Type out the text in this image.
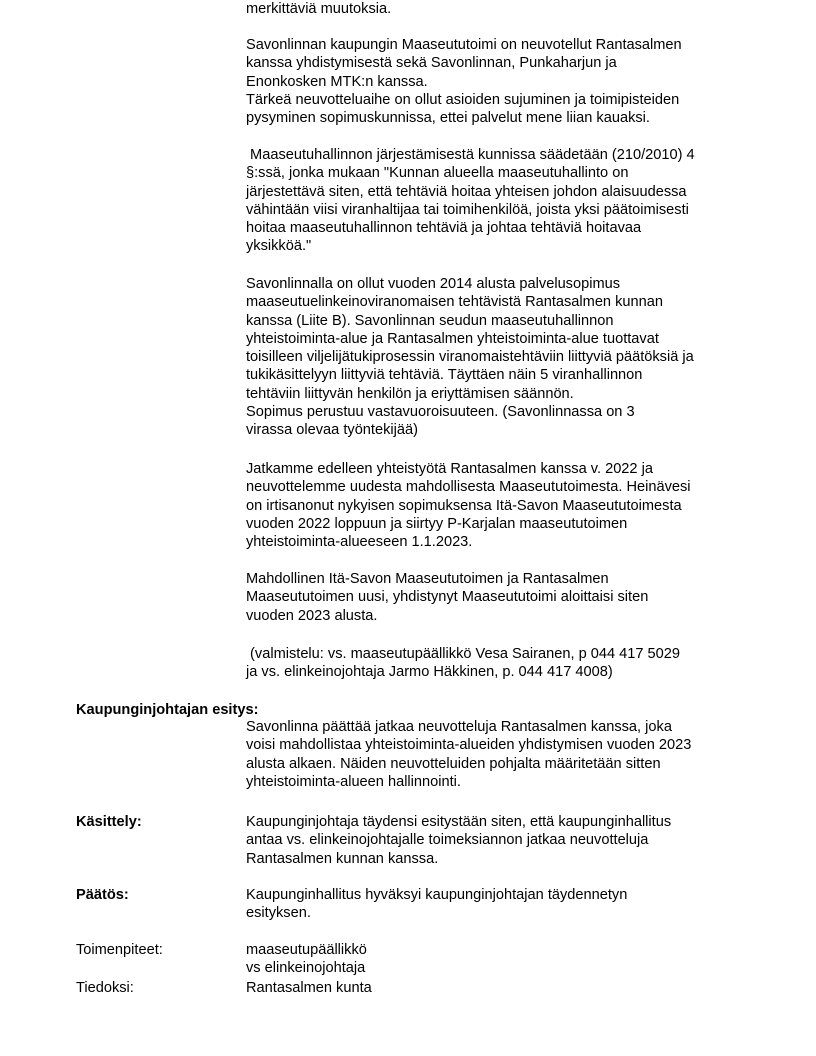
merkittäviä muutoksia.
Savonlinnan kaupungin Maaseututoimi on neuvotellut Rantasalmen
kanssa yhdistymisestä sekä Savonlinnan, Punkaharjun ja
Enonkosken MTK:n kanssa.
Tärkeä neuvotteluaihe on ollut asioiden sujuminen ja toimipisteiden
pysyminen sopimuskunnissa, ettei palvelut mene liian kauaksi.
Maaseutuhallinnon järjestämisestä kunnissa säädetään (210/2010) 4
§:ssä, jonka mukaan "Kunnan alueella maaseutuhallinto on
järjestettävä siten, että tehtäviä hoitaa yhteisen johdon alaisuudessa
vähintään viisi viranhaltijaa tai toimihenkilöä, joista yksi päätoimisesti
hoitaa maaseutuhallinnon tehtäviä ja johtaa tehtäviä hoitavaa
yksikköä."
Savonlinnalla on ollut vuoden 2014 alusta palvelusopimus
maaseutuelinkeinoviranomaisen tehtävistä Rantasalmen kunnan
kanssa (Liite B). Savonlinnan seudun maaseutuhallinnon
yhteistoiminta-alue ja Rantasalmen yhteistoiminta-alue tuottavat
toisilleen viljelijätukiprosessin viranomaistehtäviin liittyviä päätöksiä ja
tukikäsittelyyn liittyviä tehtäviä. Täyttäen näin 5 viranhallinnon
tehtäviin liittyvän henkilön ja eriyttämisen säännön.
Sopimus perustuu vastavuoroisuuteen. (Savonlinnassa on 3
virassa olevaa työntekijää)
Jatkamme edelleen yhteistyötä Rantasalmen kanssa v. 2022 ja
neuvottelemme uudesta mahdollisesta Maaseututoimesta. Heinävesi
on irtisanonut nykyisen sopimuksensa Itä-Savon Maaseututoimesta
vuoden 2022 loppuun ja siirtyy P-Karjalan maaseututoimen
yhteistoiminta-alueeseen 1.1.2023.
Mahdollinen Itä-Savon Maaseututoimen ja Rantasalmen
Maaseututoimen uusi, yhdistynyt Maaseututoimi aloittaisi siten
vuoden 2023 alusta.
(valmistelu: vs. maaseutupäällikkö Vesa Sairanen, p 044 417 5029
ja vs. elinkeinojohtaja Jarmo Häkkinen, p. 044 417 4008)
Kaupunginjohtajan esitys:
Savonlinna päättää jatkaa neuvotteluja Rantasalmen kanssa, joka
voisi mahdollistaa yhteistoiminta-alueiden yhdistymisen vuoden 2023
alusta alkaen. Näiden neuvotteluiden pohjalta määritetään sitten
yhteistoiminta-alueen hallinnointi.
Käsittely:	Kaupunginjohtaja täydensi esitystään siten, että kaupunginhallitus
antaa vs. elinkeinojohtajalle toimeksiannon jatkaa neuvotteluja
Rantasalmen kunnan kanssa.
Päätös:	Kaupunginhallitus hyväksyi kaupunginjohtajan täydennetyn
esityksen.
Toimenpiteet:	maaseutupäällikkö
vs elinkeinojohtaja
Tiedoksi:	Rantasalmen kunta
